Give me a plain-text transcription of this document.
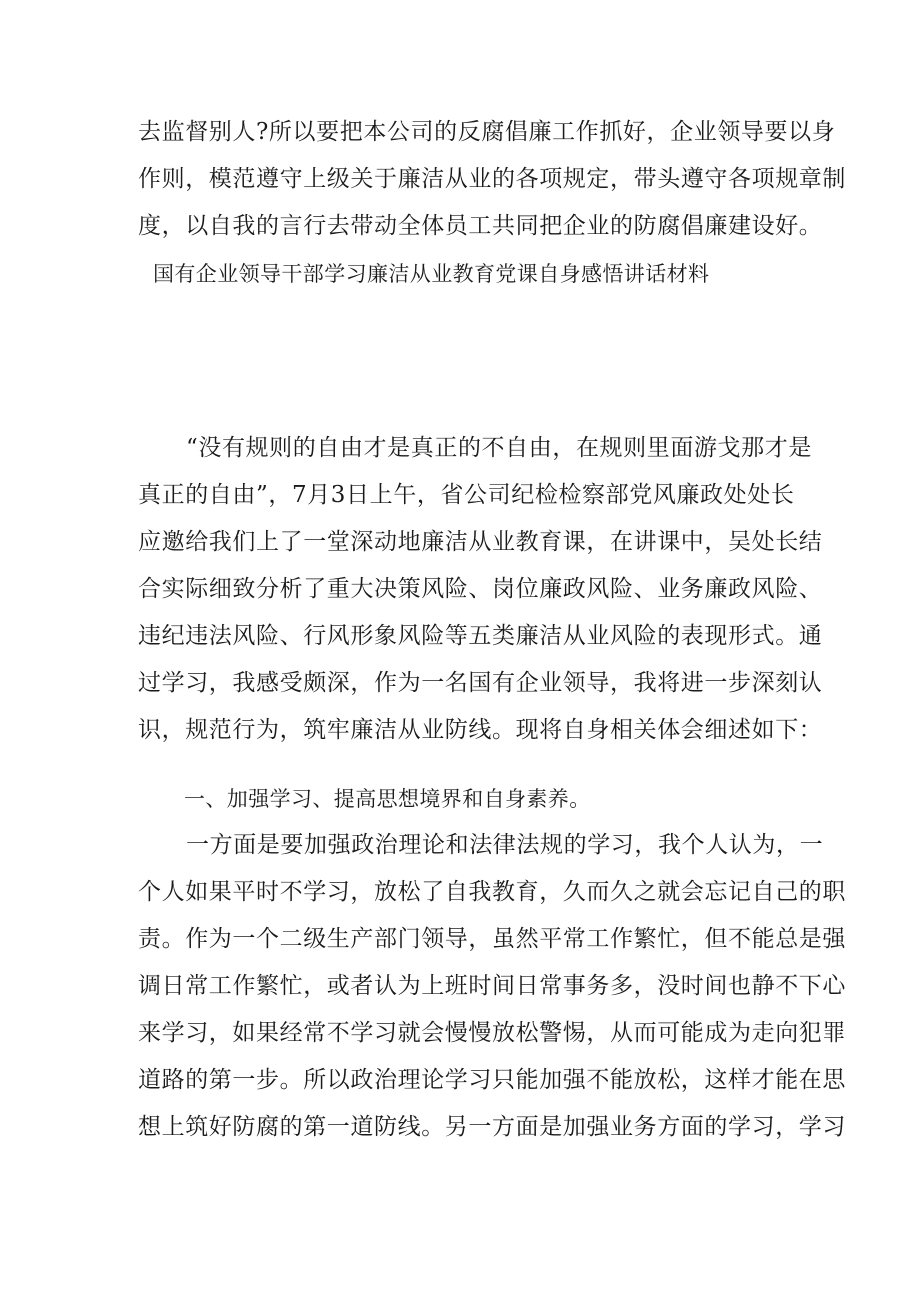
去监督别人?所以要把本公司的反腐倡廉工作抓好，企业领导要以身
作则，模范遵守上级关于廉洁从业的各项规定，带头遵守各项规章制
度，以自我的言行去带动全体员工共同把企业的防腐倡廉建设好。
国有企业领导干部学习廉洁从业教育党课自身感悟讲话材料
“没有规则的自由才是真正的不自由，在规则里面游戈那才是
真正的自由”，7月3日上午，省公司纪检检察部党风廉政处处长
应邀给我们上了一堂深动地廉洁从业教育课，在讲课中，吴处长结
合实际细致分析了重大决策风险、岗位廉政风险、业务廉政风险、
违纪违法风险、行风形象风险等五类廉洁从业风险的表现形式。通
过学习，我感受颇深，作为一名国有企业领导，我将进一步深刻认
识，规范行为，筑牢廉洁从业防线。现将自身相关体会细述如下：
一、加强学习、提高思想境界和自身素养。
一方面是要加强政治理论和法律法规的学习，我个人认为，一
个人如果平时不学习，放松了自我教育，久而久之就会忘记自己的职
责。作为一个二级生产部门领导，虽然平常工作繁忙，但不能总是强
调日常工作繁忙，或者认为上班时间日常事务多，没时间也静不下心
来学习，如果经常不学习就会慢慢放松警惕，从而可能成为走向犯罪
道路的第一步。所以政治理论学习只能加强不能放松，这样才能在思
想上筑好防腐的第一道防线。另一方面是加强业务方面的学习，学习
